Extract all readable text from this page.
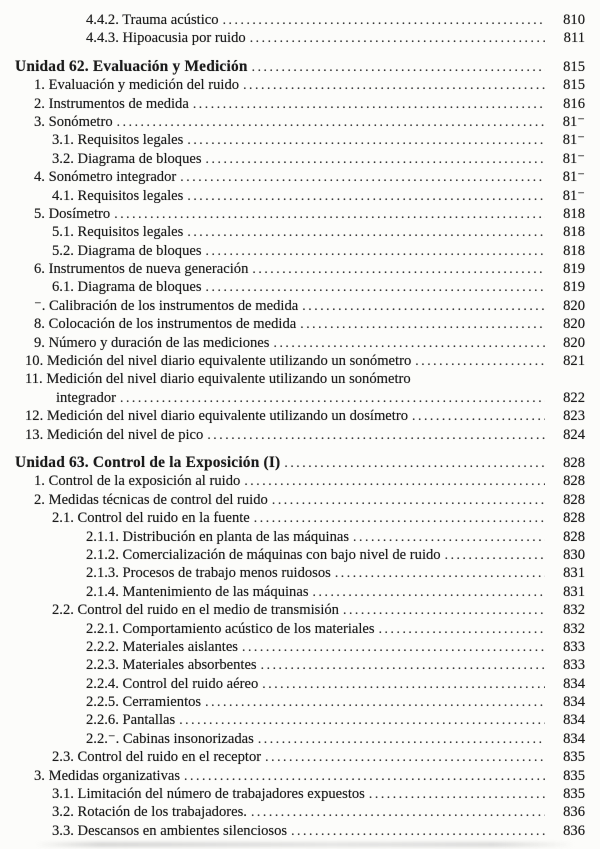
4.4.2. Trauma acústico .....	810
4.4.3. Hipoacusia por ruido .....	811
Unidad 62. Evaluación y Medición .....	815
1. Evaluación y medición del ruido .....	815
2. Instrumentos de medida .....	816
3. Sonómetro .....	81⁻
3.1. Requisitos legales .....	81⁻
3.2. Diagrama de bloques .....	81⁻
4. Sonómetro integrador .....	81⁻
4.1. Requisitos legales .....	81⁻
5. Dosímetro .....	818
5.1. Requisitos legales .....	818
5.2. Diagrama de bloques .....	818
6. Instrumentos de nueva generación .....	819
6.1. Diagrama de bloques .....	819
⁻. Calibración de los instrumentos de medida .....	820
8. Colocación de los instrumentos de medida .....	820
9. Número y duración de las mediciones .....	820
10. Medición del nivel diario equivalente utilizando un sonómetro .....	821
11. Medición del nivel diario equivalente utilizando un sonómetro
integrador .....	822
12. Medición del nivel diario equivalente utilizando un dosímetro .....	823
13. Medición del nivel de pico .....	824
Unidad 63. Control de la Exposición (I) .....	828
1. Control de la exposición al ruido .....	828
2. Medidas técnicas de control del ruido .....	828
2.1. Control del ruido en la fuente .....	828
2.1.1. Distribución en planta de las máquinas .....	828
2.1.2. Comercialización de máquinas con bajo nivel de ruido .....	830
2.1.3. Procesos de trabajo menos ruidosos .....	831
2.1.4. Mantenimiento de las máquinas .....	831
2.2. Control del ruido en el medio de transmisión .....	832
2.2.1. Comportamiento acústico de los materiales .....	832
2.2.2. Materiales aislantes .....	833
2.2.3. Materiales absorbentes .....	833
2.2.4. Control del ruido aéreo .....	834
2.2.5. Cerramientos .....	834
2.2.6. Pantallas .....	834
2.2.⁻. Cabinas insonorizadas .....	834
2.3. Control del ruido en el receptor .....	835
3. Medidas organizativas .....	835
3.1. Limitación del número de trabajadores expuestos .....	835
3.2. Rotación de los trabajadores. .....	836
3.3. Descansos en ambientes silenciosos .....	836
